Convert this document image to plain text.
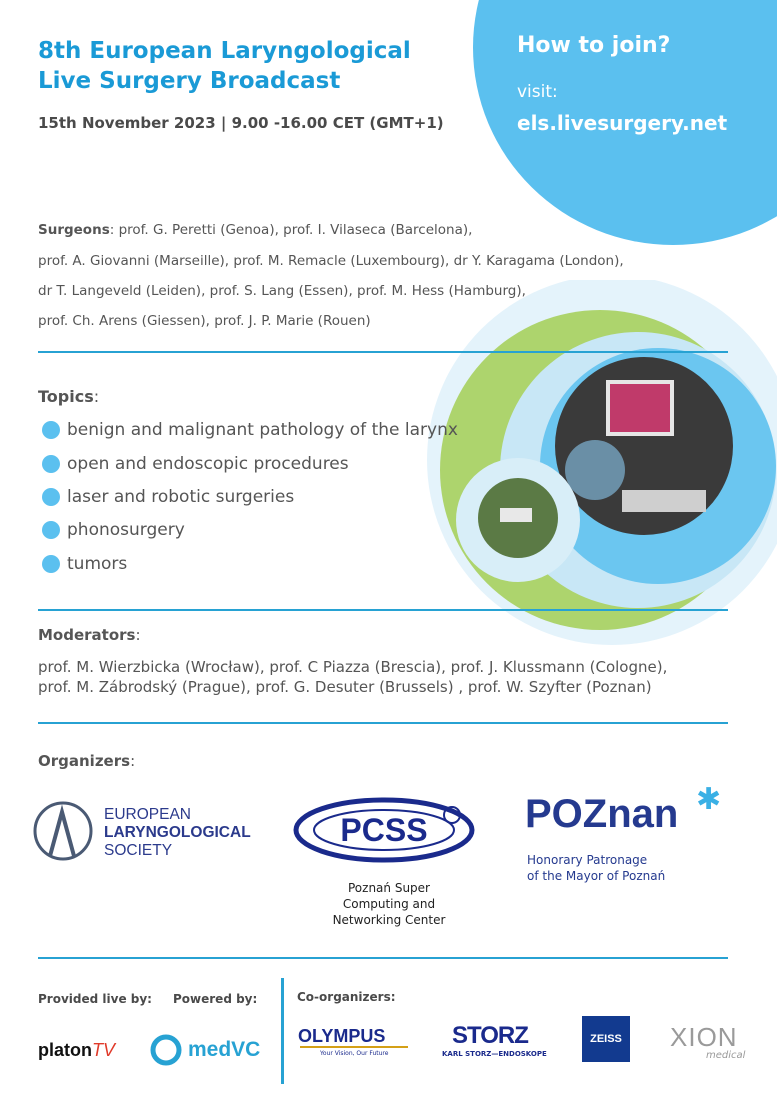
8th European Laryngological
Live Surgery Broadcast
15th November 2023 | 9.00 -16.00 CET (GMT+1)
How to join?
visit:
els.livesurgery.net
Surgeons: prof. G. Peretti (Genoa), prof. I. Vilaseca (Barcelona),
prof. A. Giovanni (Marseille), prof. M. Remacle (Luxembourg), dr Y. Karagama (London),
dr T. Langeveld (Leiden), prof. S. Lang (Essen), prof. M. Hess (Hamburg),
prof. Ch. Arens (Giessen), prof. J. P. Marie (Rouen)
Topics:
benign and malignant pathology of the larynx
open and endoscopic procedures
laser and robotic surgeries
phonosurgery
tumors
Moderators:
prof. M. Wierzbicka (Wrocław), prof. C Piazza (Brescia), prof. J. Klussmann (Cologne),
prof. M. Zábrodský (Prague), prof. G. Desuter (Brussels) , prof. W. Szyfter (Poznan)
Organizers:
EUROPEAN
LARYNGOLOGICAL
SOCIETY
PCSS
Poznań Super
Computing and
Networking Center
POZnan ✱
Honorary Patronage
of the Mayor of Poznań
Provided live by: Powered by:	Co-organizers:
platonTV	medVC
OLYMPUS
Your Vision, Our Future
STORZ
KARL STORZ—ENDOSKOPE
ZEISS XION
medical
